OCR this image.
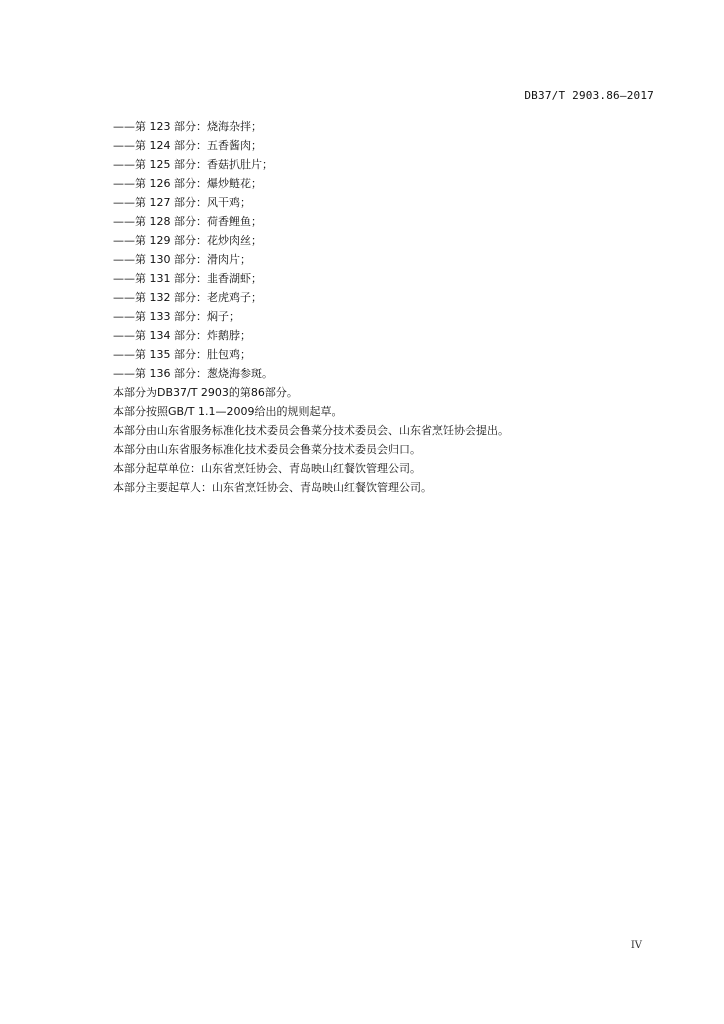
DB37/T 2903.86—2017
——第 123 部分：烧海杂拌；
——第 124 部分：五香酱肉；
——第 125 部分：香菇扒肚片；
——第 126 部分：爆炒鲢花；
——第 127 部分：风干鸡；
——第 128 部分：荷香鲤鱼；
——第 129 部分：花炒肉丝；
——第 130 部分：滑肉片；
——第 131 部分：韭香湖虾；
——第 132 部分：老虎鸡子；
——第 133 部分：焖子；
——第 134 部分：炸鹅脖；
——第 135 部分：肚包鸡；
——第 136 部分：葱烧海参斑。
本部分为DB37/T 2903的第86部分。
本部分按照GB/T 1.1—2009给出的规则起草。
本部分由山东省服务标准化技术委员会鲁菜分技术委员会、山东省烹饪协会提出。
本部分由山东省服务标准化技术委员会鲁菜分技术委员会归口。
本部分起草单位：山东省烹饪协会、青岛映山红餐饮管理公司。
本部分主要起草人：山东省烹饪协会、青岛映山红餐饮管理公司。
IV
